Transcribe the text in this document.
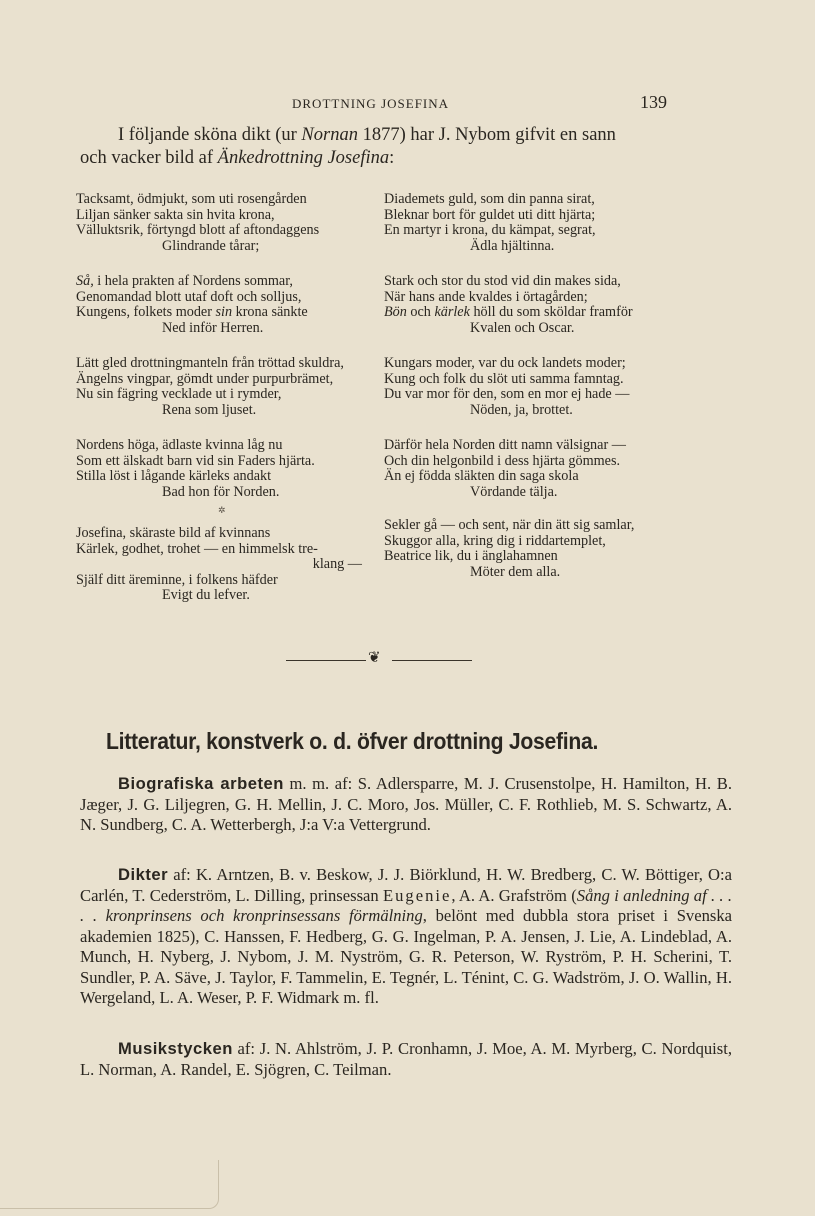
DROTTNING JOSEFINA	139

I följande sköna dikt (ur Nornan 1877) har J. Nybom gifvit en sann

och vacker bild af Änkedrottning Josefina:

Tacksamt, ödmjukt, som uti rosengården
Liljan sänker sakta sin hvita krona,
Välluktsrik, förtyngd blott af aftondaggens
Glindrande tårar;
Så, i hela prakten af Nordens sommar,
Genomandad blott utaf doft och solljus,
Kungens, folkets moder sin krona sänkte
Ned inför Herren.
Lätt gled drottningmanteln från tröttad skuldra,
Ängelns vingpar, gömdt under purpurbrämet,
Nu sin fägring vecklade ut i rymder,
Rena som ljuset.
Nordens höga, ädlaste kvinna låg nu
Som ett älskadt barn vid sin Faders hjärta.
Stilla löst i lågande kärleks andakt
Bad hon för Norden.
Josefina, skäraste bild af kvinnans
Kärlek, godhet, trohet — en himmelsk tre-
klang —
Själf ditt äreminne, i folkens häfder
Evigt du lefver.
Diademets guld, som din panna sirat,
Bleknar bort för guldet uti ditt hjärta;
En martyr i krona, du kämpat, segrat,
Ädla hjältinna.
Stark och stor du stod vid din makes sida,
När hans ande kvaldes i örtagården;
Bön och kärlek höll du som sköldar framför
Kvalen och Oscar.
Kungars moder, var du ock landets moder;
Kung och folk du slöt uti samma famntag.
Du var mor för den, som en mor ej hade —
Nöden, ja, brottet.
Därför hela Norden ditt namn välsignar —
Och din helgonbild i dess hjärta gömmes.
Än ej födda släkten din saga skola
Vördande tälja.
Sekler gå — och sent, när din ätt sig samlar,
Skuggor alla, kring dig i riddartemplet,
Beatrice lik, du i änglahamnen
Möter dem alla.
✲
❦
Litteratur, konstverk o. d. öfver drottning Josefina.

Biografiska arbeten m. m. af: S. Adlersparre, M. J. Crusenstolpe, H. Hamilton, H. B. Jæger, J. G. Liljegren, G. H. Mellin, J. C. Moro, Jos. Müller, C. F. Rothlieb, M. S. Schwartz, A. N. Sundberg, C. A. Wetterbergh, J:a V:a Vettergrund.

Dikter af: K. Arntzen, B. v. Beskow, J. J. Biörklund, H. W. Bredberg, C. W. Böttiger, O:a Carlén, T. Cederström, L. Dilling, prinsessan Eugenie, A. A. Grafström (Sång i anledning af . . . . . kronprinsens och kronprinsessans förmälning, belönt med dubbla stora priset i Svenska akademien 1825), C. Hanssen, F. Hedberg, G. G. Ingelman, P. A. Jensen, J. Lie, A. Lindeblad, A. Munch, H. Nyberg, J. Nybom, J. M. Nyström, G. R. Peterson, W. Ryström, P. H. Scherini, T. Sundler, P. A. Säve, J. Taylor, F. Tammelin, E. Tegnér, L. Ténint, C. G. Wadström, J. O. Wallin, H. Wergeland, L. A. Weser, P. F. Widmark m. fl.

Musikstycken af: J. N. Ahlström, J. P. Cronhamn, J. Moe, A. M. Myrberg, C. Nordquist, L. Norman, A. Randel, E. Sjögren, C. Teilman.
